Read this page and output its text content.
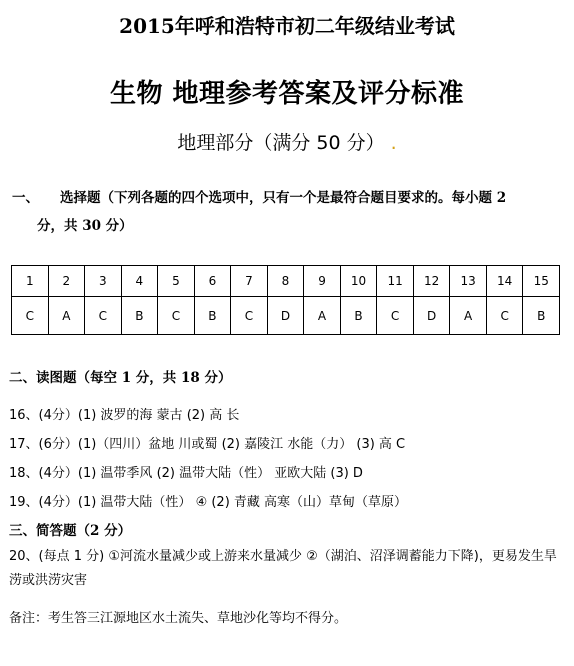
2015年呼和浩特市初二年级结业考试
生物 地理参考答案及评分标准
地理部分（满分 50 分） .
一、 选择题（下列各题的四个选项中，只有一个是最符合题目要求的。每小题 2
分，共 30 分）
1	2	3	4	5	6	7	8	9	10	11	12	13	14	15
C	A	C	B	C	B	C	D	A	B	C	D	A	C	B
二、读图题（每空 1 分，共 18 分）
16、(4分）(1) 波罗的海 蒙古 (2) 高 长
17、(6分）(1)（四川）盆地 川或蜀 (2) 嘉陵江 水能（力） (3) 高 C
18、(4分）(1) 温带季风 (2) 温带大陆（性） 亚欧大陆 (3) D
19、(4分）(1) 温带大陆（性） ④ (2) 青藏 高寒（山）草甸（草原）
三、简答题（2 分）
20、(每点 1 分) ①河流水量减少或上游来水量减少 ②（湖泊、沼泽调蓄能力下降)，更易发生旱涝或洪涝灾害
备注：考生答三江源地区水土流失、草地沙化等均不得分。
